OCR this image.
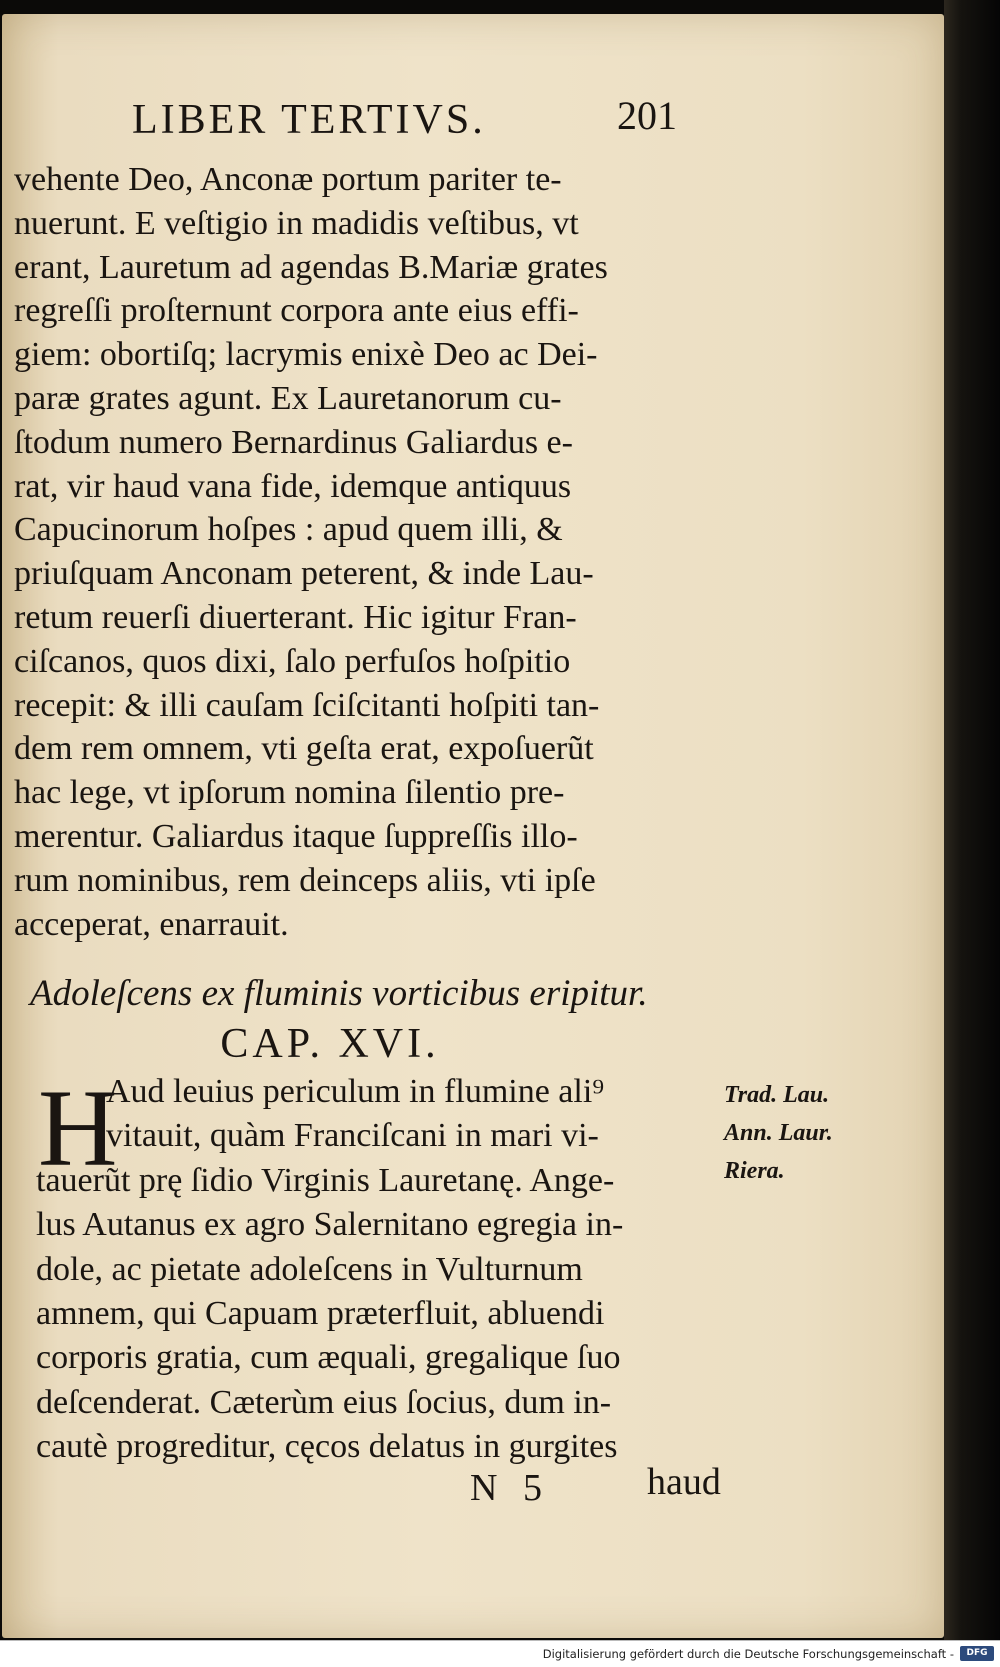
LIBER TERTIVS.	201
vehente Deo, Anconæ portum pariter te-
nuerunt. E veſtigio in madidis veſtibus, vt
erant, Lauretum ad agendas B.Mariæ grates
regreſſi proſternunt corpora ante eius effi-
giem: obortiſq; lacrymis enixè Deo ac Dei-
paræ grates agunt. Ex Lauretanorum cu-
ſtodum numero Bernardinus Galiardus e-
rat, vir haud vana fide, idemque antiquus
Capucinorum hoſpes : apud quem illi, &
priuſquam Anconam peterent, & inde Lau-
retum reuerſi diuerterant. Hic igitur Fran-
ciſcanos, quos dixi, ſalo perfuſos hoſpitio
recepit: & illi cauſam ſciſcitanti hoſpiti tan-
dem rem omnem, vti geſta erat, expoſuerũt
hac lege, vt ipſorum nomina ſilentio pre-
merentur. Galiardus itaque ſuppreſſis illo-
rum nominibus, rem deinceps aliis, vti ipſe
acceperat, enarrauit.
Adoleſcens ex fluminis vorticibus eripitur.
CAP. XVI.
H
Aud leuius periculum in flumine ali⁹
vitauit, quàm Franciſcani in mari vi-
tauerũt prę ſidio Virginis Lauretanę. Ange-
lus Autanus ex agro Salernitano egregia in-
dole, ac pietate adoleſcens in Vulturnum
amnem, qui Capuam præterfluit, abluendi
corporis gratia, cum æquali, gregalique ſuo
deſcenderat. Cæterùm eius ſocius, dum in-
cautè progreditur, cęcos delatus in gurgites
Trad. Lau.
Ann. Laur.
Riera.
N 5	haud
Digitalisierung gefördert durch die Deutsche Forschungsgemeinschaft -	DFG
